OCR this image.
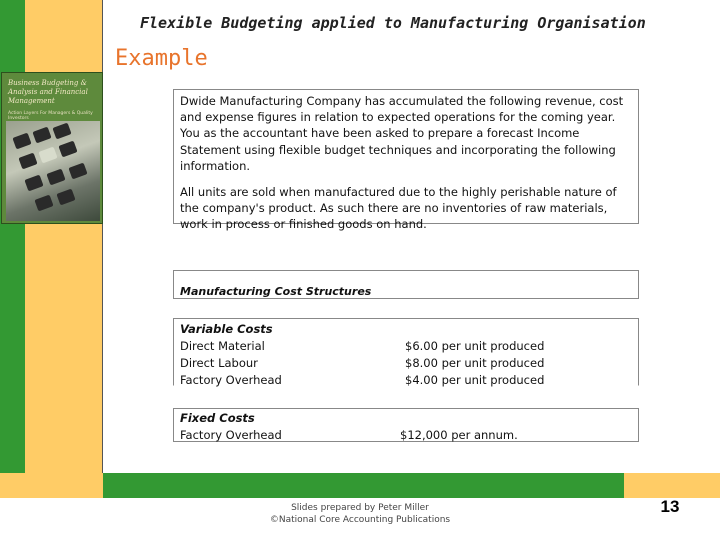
Flexible Budgeting applied to Manufacturing Organisation
Example
Business Budgeting & Analysis and Financial Management
Action Layers For Managers & Quality Investors

Dwide Manufacturing Company has accumulated the following revenue, cost and expense figures in relation to expected operations for the coming year. You as the accountant have been asked to prepare a forecast Income Statement using flexible budget techniques and incorporating the following information.

All units are sold when manufactured due to the highly perishable nature of the company's product. As such there are no inventories of raw materials, work in process or finished goods on hand.

Manufacturing Cost Structures
Variable Costs
Direct Material	$6.00 per unit produced
Direct Labour	$8.00 per unit produced
Factory Overhead	$4.00 per unit produced
Fixed Costs
Factory Overhead	$12,000 per annum.
Slides prepared by Peter Miller
©National Core Accounting Publications
13
